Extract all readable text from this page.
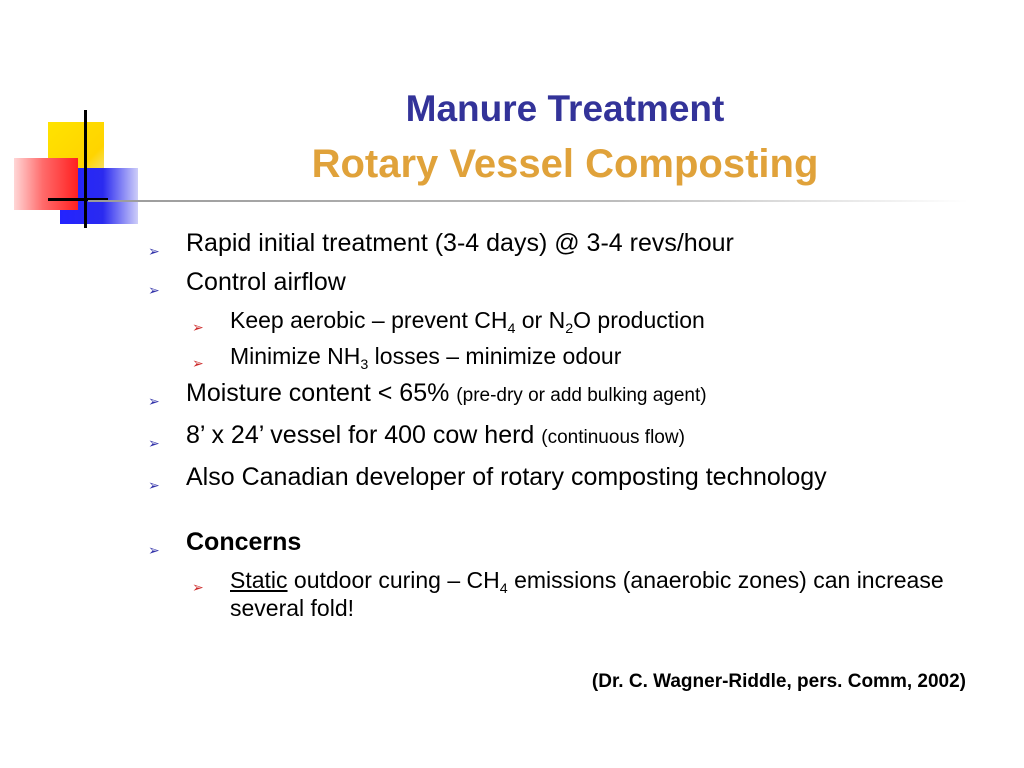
Manure Treatment
Rotary Vessel Composting
➢ Rapid initial treatment (3-4 days) @ 3-4 revs/hour
➢ Control airflow
➢ Keep aerobic – prevent $CH_4$ or $N_2O$ production
➢ Minimize $NH_3$ losses – minimize odour
➢ Moisture content < 65% (pre-dry or add bulking agent)
➢ 8’ x 24’ vessel for 400 cow herd (continuous flow)
➢ Also Canadian developer of rotary composting technology
➢ Concerns
➢ Static outdoor curing – $CH_4$ emissions (anaerobic zones) can increase several fold!
(Dr. C. Wagner-Riddle, pers. Comm, 2002)
